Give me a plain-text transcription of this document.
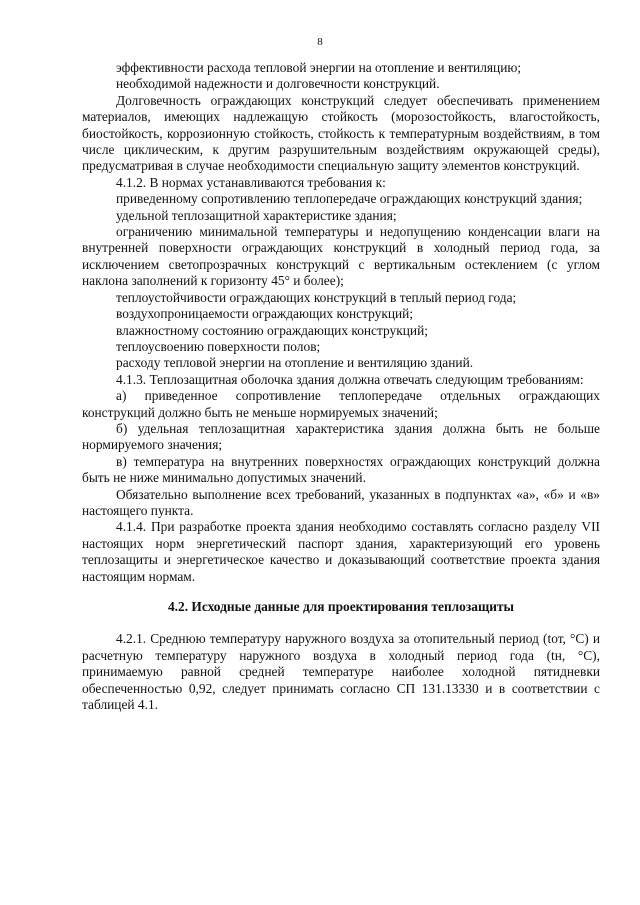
8

эффективности расхода тепловой энергии на отопление и вентиляцию;

необходимой надежности и долговечности конструкций.

Долговечность ограждающих конструкций следует обеспечивать применением материалов, имеющих надлежащую стойкость (морозостойкость, влагостойкость, биостойкость, коррозионную стойкость, стойкость к температурным воздействиям, в том числе циклическим, к другим разрушительным воздействиям окружающей среды), предусматривая в случае необходимости специальную защиту элементов конструкций.

4.1.2. В нормах устанавливаются требования к:

приведенному сопротивлению теплопередаче ограждающих конструкций здания;

удельной теплозащитной характеристике здания;

ограничению минимальной температуры и недопущению конденсации влаги на внутренней поверхности ограждающих конструкций в холодный период года, за исключением светопрозрачных конструкций с вертикальным остеклением (с углом наклона заполнений к горизонту 45° и более);

теплоустойчивости ограждающих конструкций в теплый период года;

воздухопроницаемости ограждающих конструкций;

влажностному состоянию ограждающих конструкций;

теплоусвоению поверхности полов;

расходу тепловой энергии на отопление и вентиляцию зданий.

4.1.3. Теплозащитная оболочка здания должна отвечать следующим требованиям:

а) приведенное сопротивление теплопередаче отдельных ограждающих конструкций должно быть не меньше нормируемых значений;

б) удельная теплозащитная характеристика здания должна быть не больше нормируемого значения;

в) температура на внутренних поверхностях ограждающих конструкций должна быть не ниже минимально допустимых значений.

Обязательно выполнение всех требований, указанных в подпунктах «а», «б» и «в» настоящего пункта.

4.1.4. При разработке проекта здания необходимо составлять согласно разделу VII настоящих норм энергетический паспорт здания, характеризующий его уровень теплозащиты и энергетическое качество и доказывающий соответствие проекта здания настоящим нормам.

4.2. Исходные данные для проектирования теплозащиты

4.2.1. Среднюю температуру наружного воздуха за отопительный период (tот, °С) и расчетную температуру наружного воздуха в холодный период года (tн, °С), принимаемую равной средней температуре наиболее холодной пятидневки обеспеченностью 0,92, следует принимать согласно СП 131.13330 и в соответствии с таблицей 4.1.
